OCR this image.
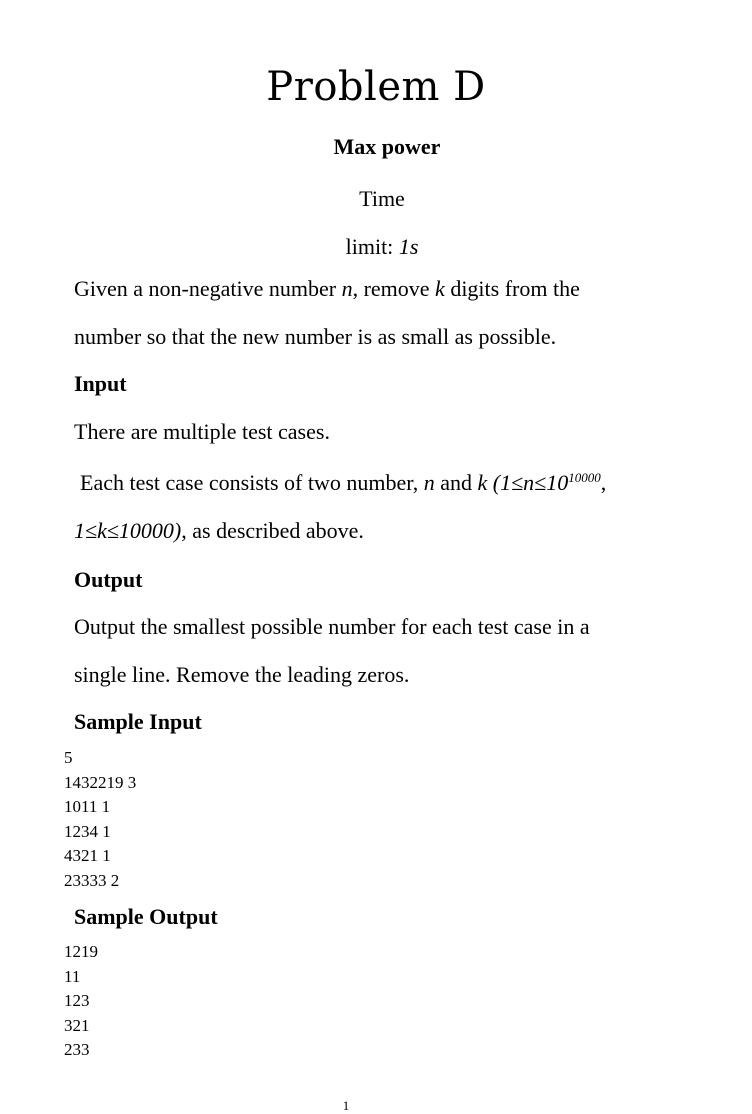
Problem D
Max power
Time
limit: 1s
Given a non-negative number n, remove k digits from the
number so that the new number is as small as possible.
Input
There are multiple test cases.
Each test case consists of two number, n and k ($1\le n\le 10^{10000}$,
1≤k≤10000), as described above.
Output
Output the smallest possible number for each test case in a
single line. Remove the leading zeros.
Sample Input
5
1432219 3
1011 1
1234 1
4321 1
23333 2
Sample Output
1219
11
123
321
233
1
